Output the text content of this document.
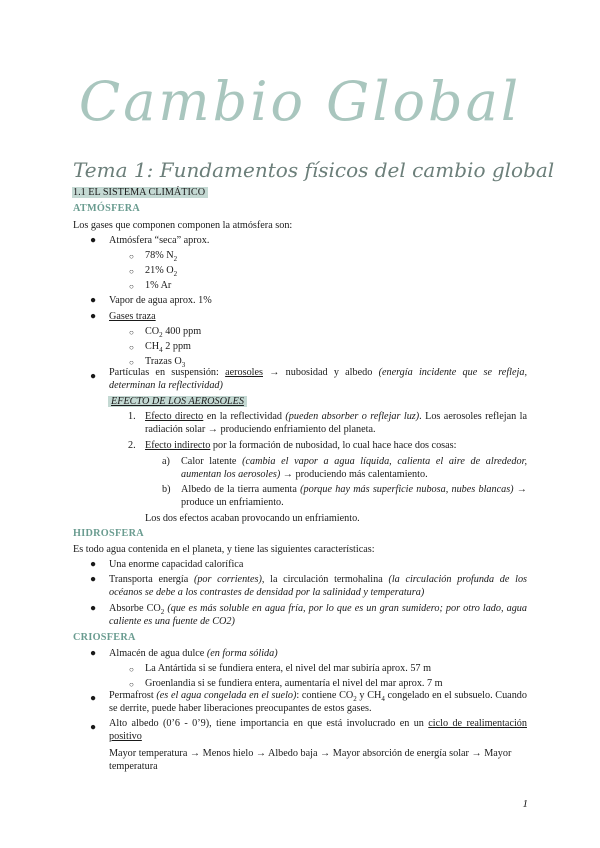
Cambio Global
Tema 1: Fundamentos físicos del cambio global
1.1 EL SISTEMA CLIMÁTICO
ATMÓSFERA
Los gases que componen componen la atmósfera son:
● Atmósfera “seca” aprox.
○ 78% $N_2$
○ 21% $O_2$
○ 1% Ar
● Vapor de agua aprox. 1%
● Gases traza
○ $CO_2$ 400 ppm
○ $CH_4$ 2 ppm
○ Trazas $O_3$
● Partículas en suspensión: aerosoles → nubosidad y albedo (energía incidente que se refleja, determinan la reflectividad)
EFECTO DE LOS AEROSOLES
1. Efecto directo en la reflectividad (pueden absorber o reflejar luz). Los aerosoles reflejan la radiación solar → produciendo enfriamiento del planeta.
2. Efecto indirecto por la formación de nubosidad, lo cual hace hace dos cosas:
a) Calor latente (cambia el vapor a agua líquida, calienta el aire de alrededor, aumentan los aerosoles) → produciendo más calentamiento.
b) Albedo de la tierra aumenta (porque hay más superficie nubosa, nubes blancas) → produce un enfriamiento.
Los dos efectos acaban provocando un enfriamiento.
HIDROSFERA
Es todo agua contenida en el planeta, y tiene las siguientes características:
● Una enorme capacidad calorífica
● Transporta energía (por corrientes), la circulación termohalina (la circulación profunda de los océanos se debe a los contrastes de densidad por la salinidad y temperatura)
● Absorbe $CO_2$ (que es más soluble en agua fría, por lo que es un gran sumidero; por otro lado, agua caliente es una fuente de CO2)
CRIOSFERA
● Almacén de agua dulce (en forma sólida)
○ La Antártida si se fundiera entera, el nivel del mar subiría aprox. 57 m
○ Groenlandia si se fundiera entera, aumentaría el nivel del mar aprox. 7 m
● Permafrost (es el agua congelada en el suelo): contiene $CO_2$ y $CH_4$ congelado en el subsuelo. Cuando se derrite, puede haber liberaciones preocupantes de estos gases.
● Alto albedo (0’6 - 0’9), tiene importancia en que está involucrado en un ciclo de realimentación positivo
Mayor temperatura → Menos hielo → Albedo baja → Mayor absorción de energía solar → Mayor temperatura
1
